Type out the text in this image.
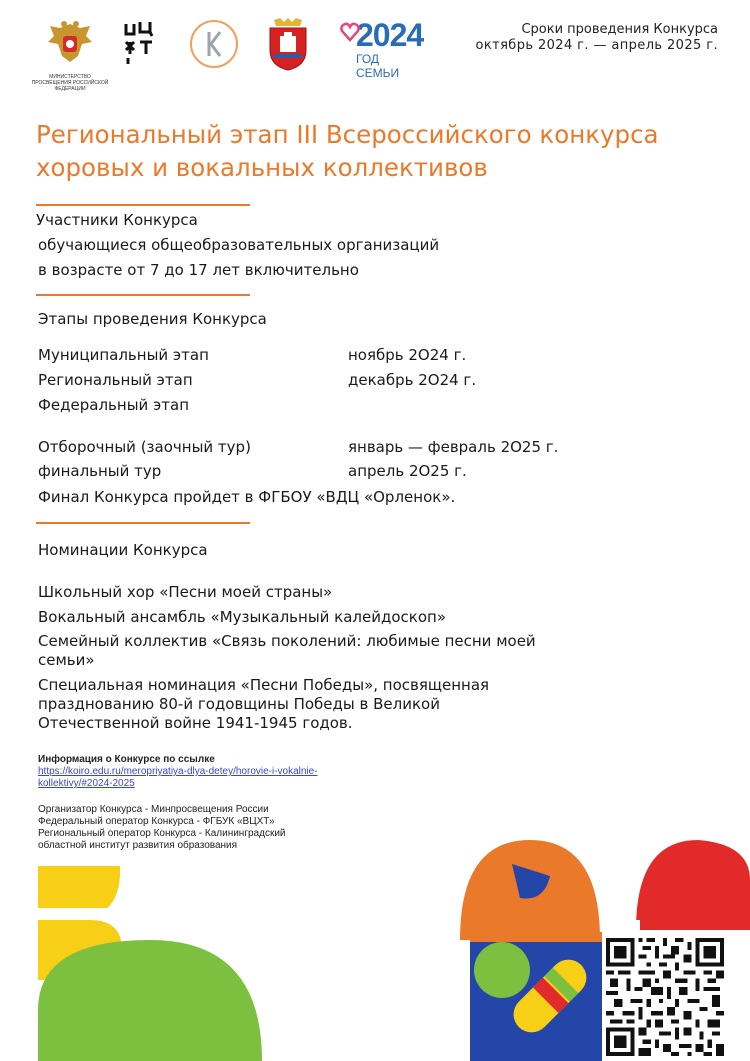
МИНИСТЕРСТВО ПРОСВЕЩЕНИЯ РОССИЙСКОЙ ФЕДЕРАЦИИ
2024
ГОД СЕМЬИ
Сроки проведения Конкурса
октябрь 2024 г. — апрель 2025 г.
Региональный этап III Всероссийского конкурса
хоровых и вокальных коллективов
Участники Конкурса
обучающиеся общеобразовательных организаций
в возрасте от 7 до 17 лет включительно
Этапы проведения Конкурса
Муниципальный этап	ноябрь 2О24 г.
Региональный этап	декабрь 2О24 г.
Федеральный этап
Отборочный (заочный тур)	январь — февраль 2О25 г.
финальный тур	апрель 2О25 г.
Финал Конкурса пройдет в ФГБОУ «ВДЦ «Орленок».
Номинации Конкурса
Школьный хор «Песни моей страны»
Вокальный ансамбль «Музыкальный калейдоскоп»
Семейный коллектив «Связь поколений: любимые песни моей
семьи»
Специальная номинация «Песни Победы», посвященная
празднованию 80-й годовщины Победы в Великой
Отечественной войне 1941-1945 годов.
Информация о Конкурсе по ссылке
https://koiro.edu.ru/meropriyatiya-dlya-detey/horovie-i-vokalnie-
kollektivy/#2024-2025
Организатор Конкурса - Минпросвещения России
Федеральный оператор Конкурса - ФГБУК «ВЦХТ»
Региональный оператор Конкурса - Калининградский
областной институт развития образования
